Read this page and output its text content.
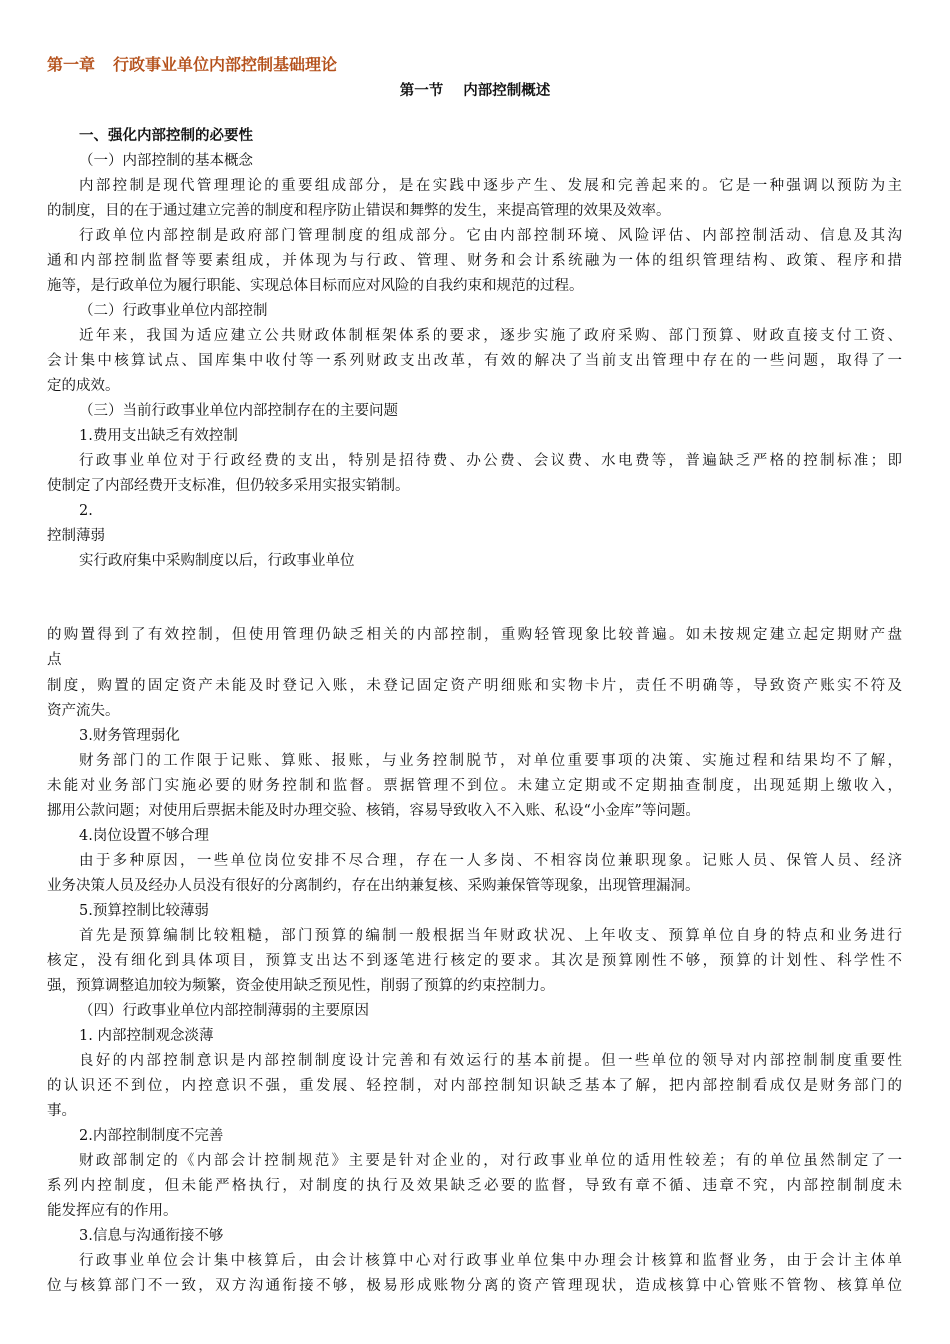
第一章 行政事业单位内部控制基础理论
第一节 内部控制概述
一、强化内部控制的必要性
（一）内部控制的基本概念
内部控制是现代管理理论的重要组成部分，是在实践中逐步产生、发展和完善起来的。它是一种强调以预防为主
的制度，目的在于通过建立完善的制度和程序防止错误和舞弊的发生，来提高管理的效果及效率。
行政单位内部控制是政府部门管理制度的组成部分。它由内部控制环境、风险评估、内部控制活动、信息及其沟
通和内部控制监督等要素组成，并体现为与行政、管理、财务和会计系统融为一体的组织管理结构、政策、程序和措
施等，是行政单位为履行职能、实现总体目标而应对风险的自我约束和规范的过程。
（二）行政事业单位内部控制
近年来，我国为适应建立公共财政体制框架体系的要求，逐步实施了政府采购、部门预算、财政直接支付工资、
会计集中核算试点、国库集中收付等一系列财政支出改革，有效的解决了当前支出管理中存在的一些问题，取得了一
定的成效。
（三）当前行政事业单位内部控制存在的主要问题
1.费用支出缺乏有效控制
行政事业单位对于行政经费的支出，特别是招待费、办公费、会议费、水电费等，普遍缺乏严格的控制标准；即
使制定了内部经费开支标准，但仍较多采用实报实销制。
2.
控制薄弱
实行政府集中采购制度以后，行政事业单位
的购置得到了有效控制，但使用管理仍缺乏相关的内部控制，重购轻管现象比较普遍。如未按规定建立起定期财产盘
点
制度，购置的固定资产未能及时登记入账，未登记固定资产明细账和实物卡片，责任不明确等，导致资产账实不符及
资产流失。
3.财务管理弱化
财务部门的工作限于记账、算账、报账，与业务控制脱节，对单位重要事项的决策、实施过程和结果均不了解，
未能对业务部门实施必要的财务控制和监督。票据管理不到位。未建立定期或不定期抽查制度，出现延期上缴收入，
挪用公款问题；对使用后票据未能及时办理交验、核销，容易导致收入不入账、私设“小金库”等问题。
4.岗位设置不够合理
由于多种原因，一些单位岗位安排不尽合理，存在一人多岗、不相容岗位兼职现象。记账人员、保管人员、经济
业务决策人员及经办人员没有很好的分离制约，存在出纳兼复核、采购兼保管等现象，出现管理漏洞。
5.预算控制比较薄弱
首先是预算编制比较粗糙，部门预算的编制一般根据当年财政状况、上年收支、预算单位自身的特点和业务进行
核定，没有细化到具体项目，预算支出达不到逐笔进行核定的要求。其次是预算刚性不够，预算的计划性、科学性不
强，预算调整追加较为频繁，资金使用缺乏预见性，削弱了预算的约束控制力。
（四）行政事业单位内部控制薄弱的主要原因
1. 内部控制观念淡薄
良好的内部控制意识是内部控制制度设计完善和有效运行的基本前提。但一些单位的领导对内部控制制度重要性
的认识还不到位，内控意识不强，重发展、轻控制，对内部控制知识缺乏基本了解，把内部控制看成仅是财务部门的
事。
2.内部控制制度不完善
财政部制定的《内部会计控制规范》主要是针对企业的，对行政事业单位的适用性较差；有的单位虽然制定了一
系列内控制度，但未能严格执行，对制度的执行及效果缺乏必要的监督，导致有章不循、违章不究，内部控制制度未
能发挥应有的作用。
3.信息与沟通衔接不够
行政事业单位会计集中核算后，由会计核算中心对行政事业单位集中办理会计核算和监督业务，由于会计主体单
位与核算部门不一致，双方沟通衔接不够，极易形成账物分离的资产管理现状，造成核算中心管账不管物、核算单位
